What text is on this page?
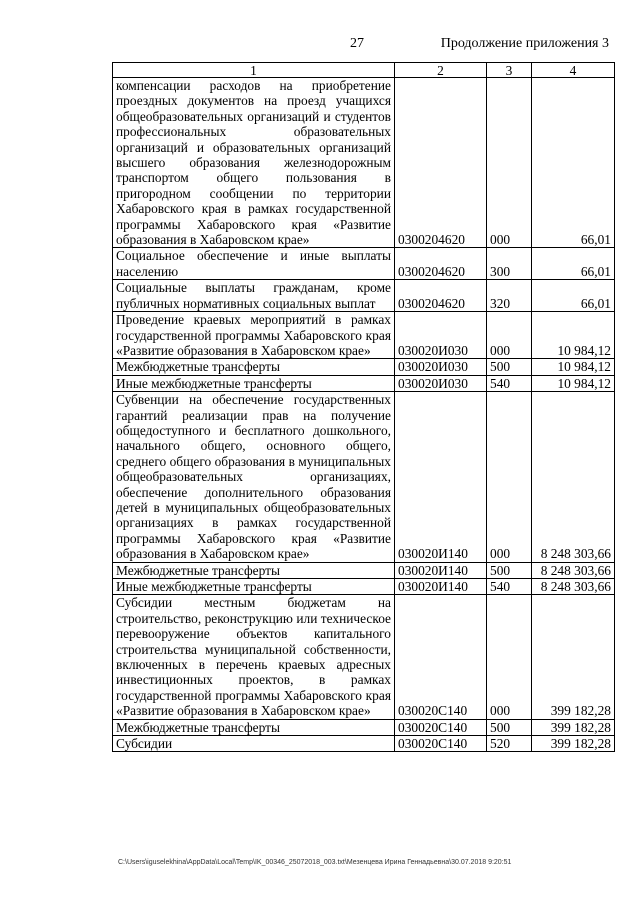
27	Продолжение приложения 3
1	2	3	4
компенсации расходов на приобретение проездных документов на проезд учащихся общеобразовательных организаций и студентов профессиональных образовательных организаций и образовательных организаций высшего образования железнодорожным транспортом общего пользования в пригородном сообщении по территории Хабаровского края в рамках государственной программы Хабаровского края «Развитие образования в Хабаровском крае»	0300204620	000	66,01
Социальное обеспечение и иные выплаты населению	0300204620	300	66,01
Социальные выплаты гражданам, кроме публичных нормативных социальных выплат	0300204620	320	66,01
Проведение краевых мероприятий в рамках государственной программы Хабаровского края «Развитие образования в Хабаровском крае»	030020И030	000	10 984,12
Межбюджетные трансферты	030020И030	500	10 984,12
Иные межбюджетные трансферты	030020И030	540	10 984,12
Субвенции на обеспечение государственных гарантий реализации прав на получение общедоступного и бесплатного дошкольного, начального общего, основного общего, среднего общего образования в муниципальных общеобразовательных организациях, обеспечение дополнительного образования детей в муниципальных общеобразовательных организациях в рамках государственной программы Хабаровского края «Развитие образования в Хабаровском крае»	030020И140	000	8 248 303,66
Межбюджетные трансферты	030020И140	500	8 248 303,66
Иные межбюджетные трансферты	030020И140	540	8 248 303,66
Субсидии местным бюджетам на строительство, реконструкцию или техническое перевооружение объектов капитального строительства муниципальной собственности, включенных в перечень краевых адресных инвестиционных проектов, в рамках государственной программы Хабаровского края «Развитие образования в Хабаровском крае»	030020С140	000	399 182,28
Межбюджетные трансферты	030020С140	500	399 182,28
Субсидии	030020С140	520	399 182,28
C:\Users\iguselekhina\AppData\Local\Temp\IK_00346_25072018_003.txt\Мезенцева Ирина Геннадьевна\30.07.2018 9:20:51
